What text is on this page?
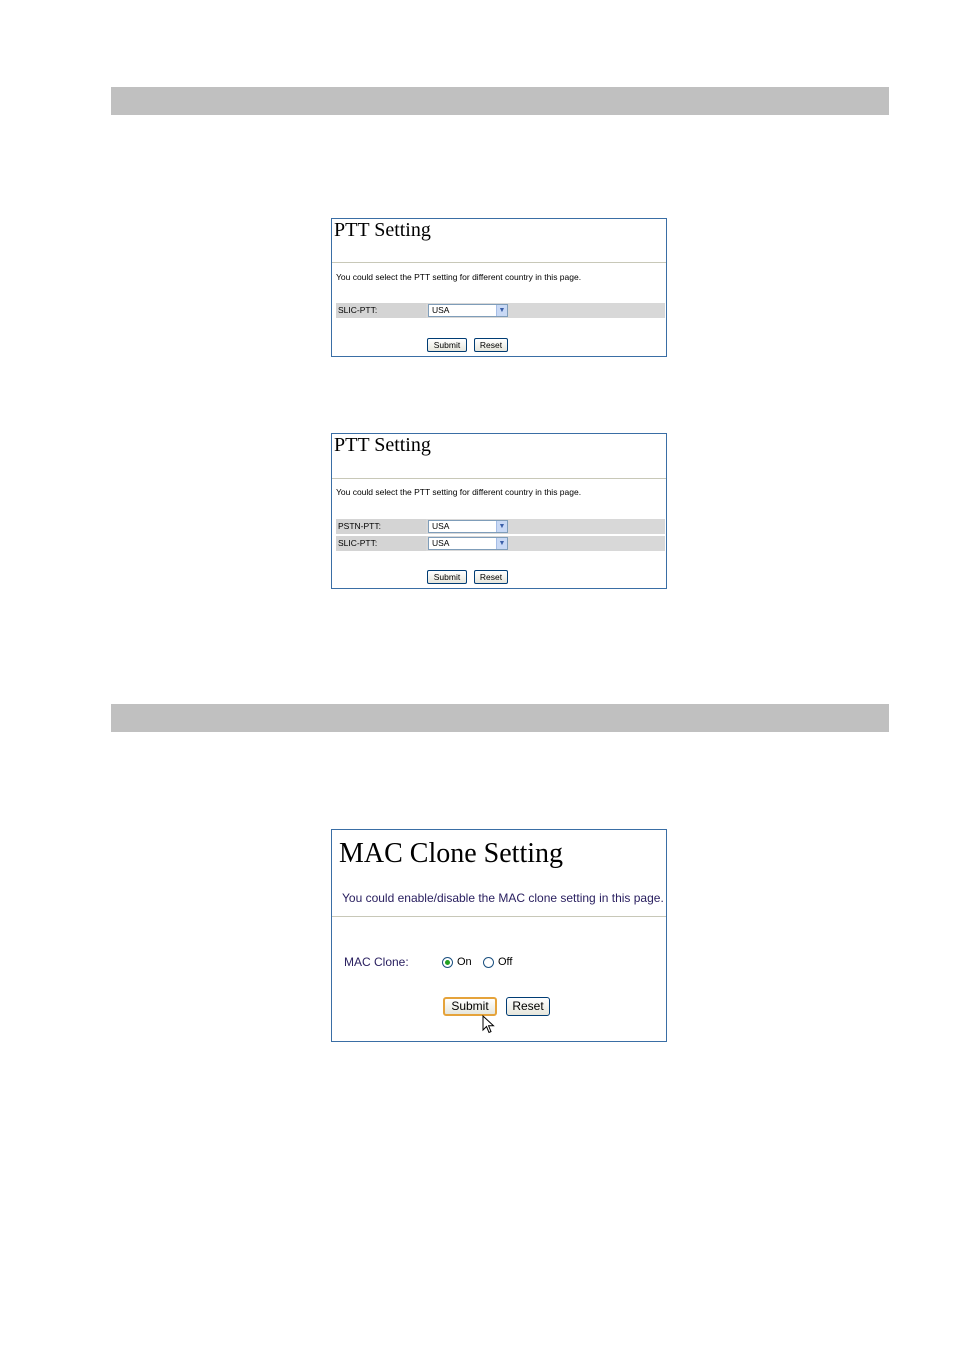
PTT Setting
You could select the PTT setting for different country in this page.
SLIC-PTT:	USA	▼
Submit	Reset
PTT Setting
You could select the PTT setting for different country in this page.
PSTN-PTT:	USA	▼
SLIC-PTT:	USA	▼
Submit	Reset
MAC Clone Setting
You could enable/disable the MAC clone setting in this page.
MAC Clone:	On Off
Submit	Reset
